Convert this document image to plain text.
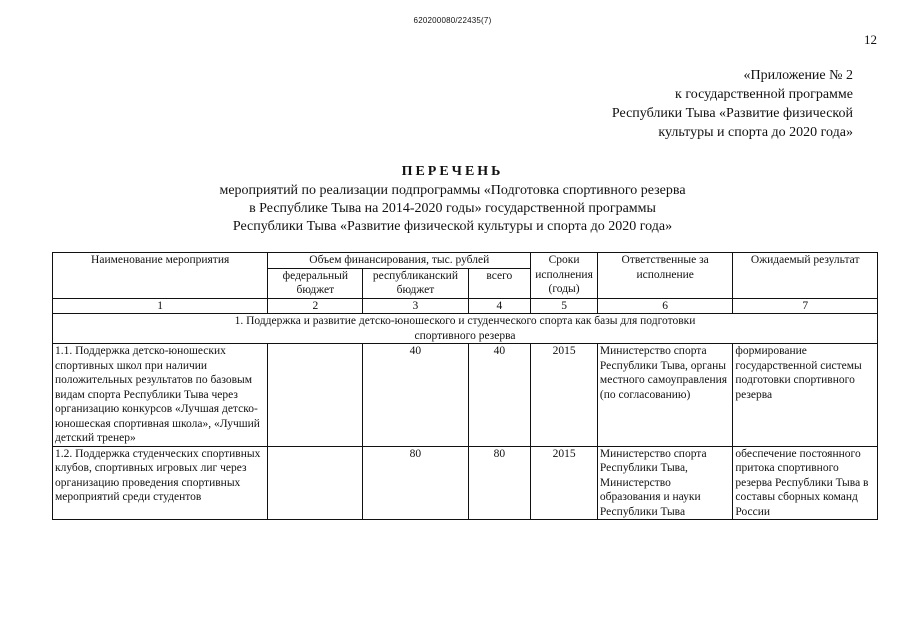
620200080/22435(7)
12
«Приложение № 2
к государственной программе
Республики Тыва «Развитие физической
культуры и спорта до 2020 года»
ПЕРЕЧЕНЬ
мероприятий по реализации подпрограммы «Подготовка спортивного резерва
в Республике Тыва на 2014-2020 годы» государственной программы
Республики Тыва «Развитие физической культуры и спорта до 2020 года»
Наименование мероприятия	Объем финансирования, тыс. рублей			Сроки исполнения (годы)	Ответственные за исполнение	Ожидаемый результат
	федеральный бюджет	республиканский бюджет	всего			
1	2	3	4	5	6	7
1. Поддержка и развитие детско-юношеского и студенческого спорта как базы для подготовки спортивного резерва						
1.1. Поддержка детско-юношеских спортивных школ при наличии положительных результатов по базовым видам спорта Республики Тыва через организацию конкурсов «Лучшая детско-юношеская спортивная школа», «Лучший детский тренер»		40	40	2015	Министерство спорта Республики Тыва, органы местного самоуправления (по согласованию)	формирование государственной системы подготовки спортивного резерва
1.2. Поддержка студенческих спортивных клубов, спортивных игровых лиг через организацию проведения спортивных мероприятий среди студентов		80	80	2015	Министерство спорта Республики Тыва, Министерство образования и науки Республики Тыва	обеспечение постоянного притока спортивного резерва Республики Тыва в составы сборных команд России
